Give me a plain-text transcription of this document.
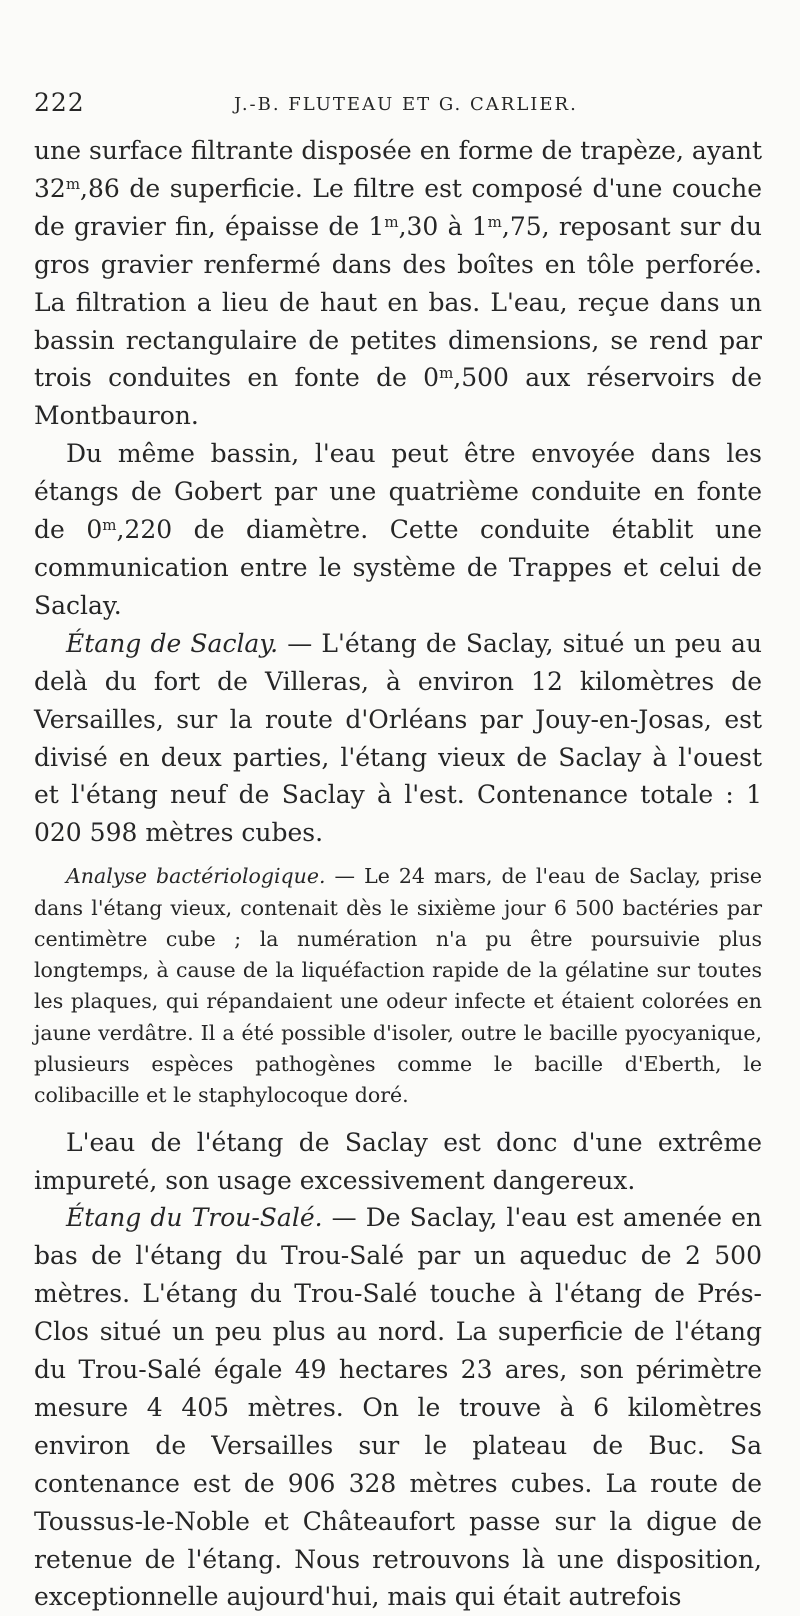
222	J.-B. FLUTEAU ET G. CARLIER.

une surface filtrante disposée en forme de trapèze, ayant 32$^m$,86 de superficie. Le filtre est composé d'une couche de gravier fin, épaisse de 1$^m$,30 à 1$^m$,75, reposant sur du gros gravier renfermé dans des boîtes en tôle perforée. La filtration a lieu de haut en bas. L'eau, reçue dans un bassin rectangulaire de petites dimensions, se rend par trois conduites en fonte de 0$^m$,500 aux réservoirs de Montbauron.

Du même bassin, l'eau peut être envoyée dans les étangs de Gobert par une quatrième conduite en fonte de 0$^m$,220 de diamètre. Cette conduite établit une communication entre le système de Trappes et celui de Saclay.

Étang de Saclay. — L'étang de Saclay, situé un peu au delà du fort de Villeras, à environ 12 kilomètres de Versailles, sur la route d'Orléans par Jouy-en-Josas, est divisé en deux parties, l'étang vieux de Saclay à l'ouest et l'étang neuf de Saclay à l'est. Contenance totale : 1 020 598 mètres cubes.

Analyse bactériologique. — Le 24 mars, de l'eau de Saclay, prise dans l'étang vieux, contenait dès le sixième jour 6 500 bactéries par centimètre cube ; la numération n'a pu être poursuivie plus longtemps, à cause de la liquéfaction rapide de la gélatine sur toutes les plaques, qui répandaient une odeur infecte et étaient colorées en jaune verdâtre. Il a été possible d'isoler, outre le bacille pyocyanique, plusieurs espèces pathogènes comme le bacille d'Eberth, le colibacille et le staphylocoque doré.

L'eau de l'étang de Saclay est donc d'une extrême impureté, son usage excessivement dangereux.

Étang du Trou-Salé. — De Saclay, l'eau est amenée en bas de l'étang du Trou-Salé par un aqueduc de 2 500 mètres. L'étang du Trou-Salé touche à l'étang de Prés-Clos situé un peu plus au nord. La superficie de l'étang du Trou-Salé égale 49 hectares 23 ares, son périmètre mesure 4 405 mètres. On le trouve à 6 kilomètres environ de Versailles sur le plateau de Buc. Sa contenance est de 906 328 mètres cubes. La route de Toussus-le-Noble et Châteaufort passe sur la digue de retenue de l'étang. Nous retrouvons là une disposition, exceptionnelle aujourd'hui, mais qui était autrefois
